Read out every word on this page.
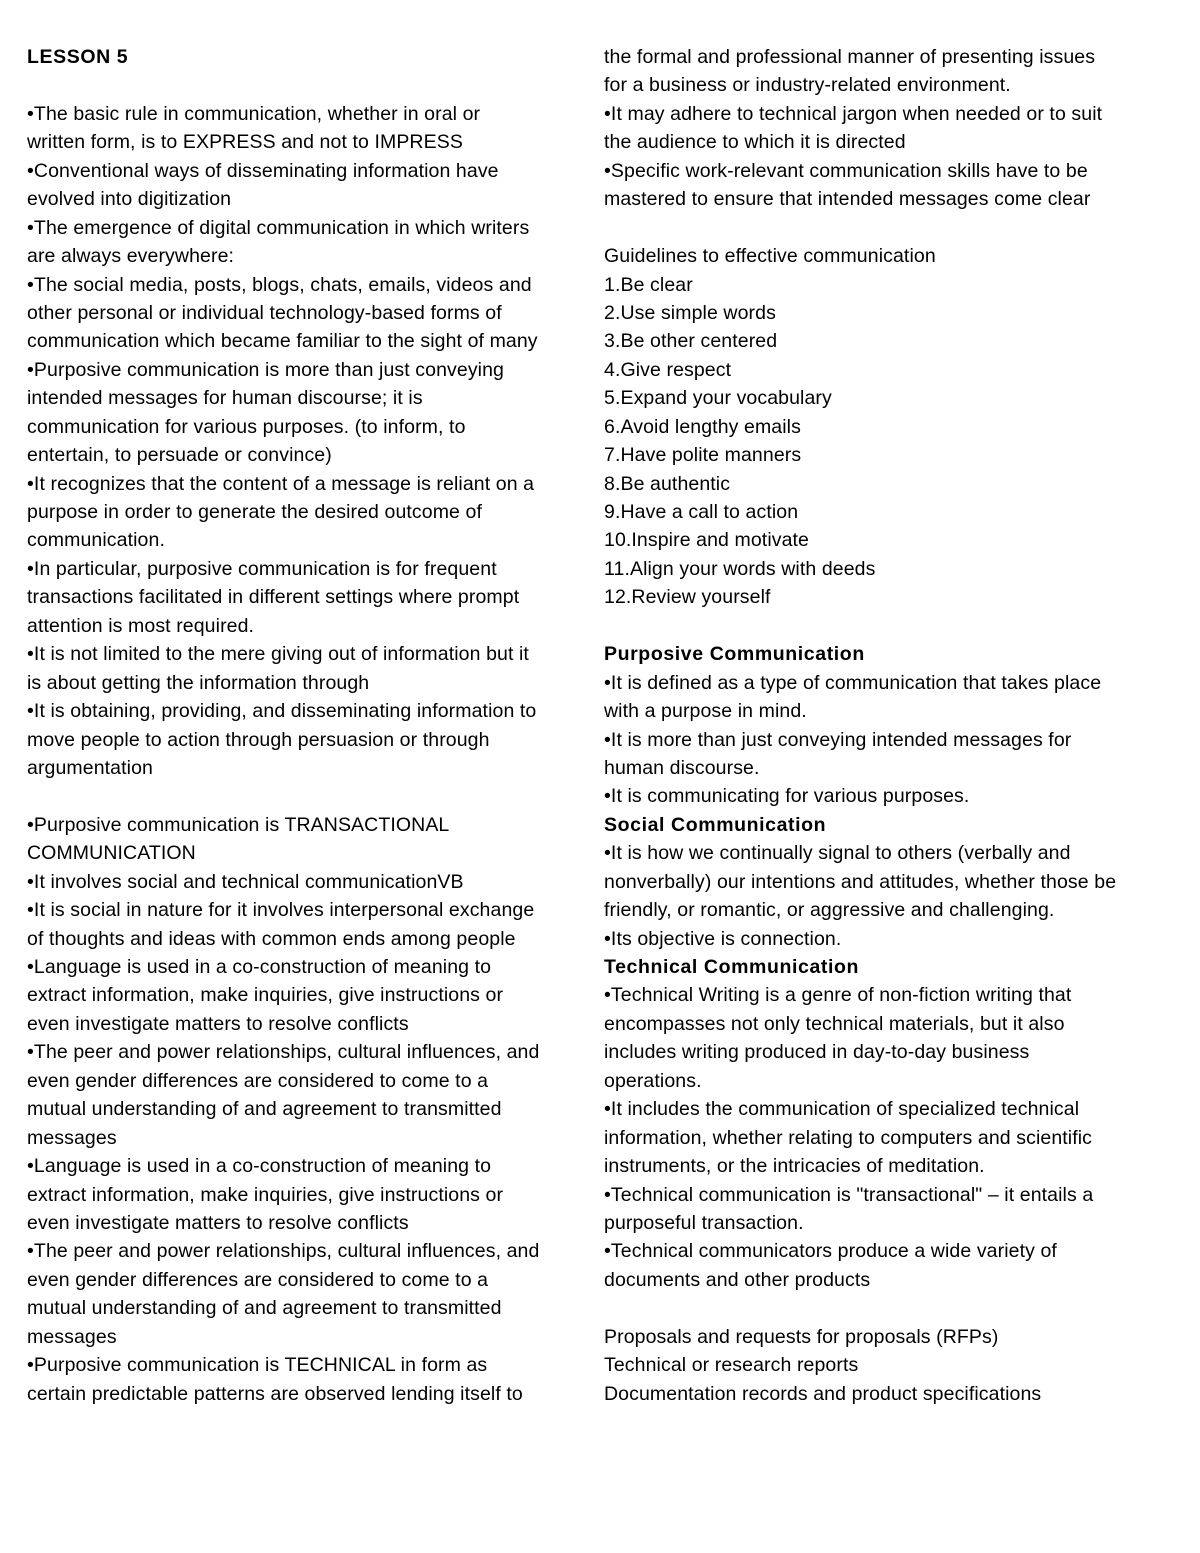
LESSON 5
•The basic rule in communication, whether in oral or
written form, is to EXPRESS and not to IMPRESS
•Conventional ways of disseminating information have
evolved into digitization
•The emergence of digital communication in which writers
are always everywhere:
•The social media, posts, blogs, chats, emails, videos and
other personal or individual technology-based forms of
communication which became familiar to the sight of many
•Purposive communication is more than just conveying
intended messages for human discourse; it is
communication for various purposes. (to inform, to
entertain, to persuade or convince)
•It recognizes that the content of a message is reliant on a
purpose in order to generate the desired outcome of
communication.
•In particular, purposive communication is for frequent
transactions facilitated in different settings where prompt
attention is most required.
•It is not limited to the mere giving out of information but it
is about getting the information through
•It is obtaining, providing, and disseminating information to
move people to action through persuasion or through
argumentation
•Purposive communication is TRANSACTIONAL
COMMUNICATION
•It involves social and technical communicationVB
•It is social in nature for it involves interpersonal exchange
of thoughts and ideas with common ends among people
•Language is used in a co-construction of meaning to
extract information, make inquiries, give instructions or
even investigate matters to resolve conflicts
•The peer and power relationships, cultural influences, and
even gender differences are considered to come to a
mutual understanding of and agreement to transmitted
messages
•Language is used in a co-construction of meaning to
extract information, make inquiries, give instructions or
even investigate matters to resolve conflicts
•The peer and power relationships, cultural influences, and
even gender differences are considered to come to a
mutual understanding of and agreement to transmitted
messages
•Purposive communication is TECHNICAL in form as
certain predictable patterns are observed lending itself to
the formal and professional manner of presenting issues
for a business or industry-related environment.
•It may adhere to technical jargon when needed or to suit
the audience to which it is directed
•Specific work-relevant communication skills have to be
mastered to ensure that intended messages come clear
Guidelines to effective communication
1.Be clear
2.Use simple words
3.Be other centered
4.Give respect
5.Expand your vocabulary
6.Avoid lengthy emails
7.Have polite manners
8.Be authentic
9.Have a call to action
10.Inspire and motivate
11.Align your words with deeds
12.Review yourself
Purposive Communication
•It is defined as a type of communication that takes place
with a purpose in mind.
•It is more than just conveying intended messages for
human discourse.
•It is communicating for various purposes.
Social Communication
•It is how we continually signal to others (verbally and
nonverbally) our intentions and attitudes, whether those be
friendly, or romantic, or aggressive and challenging.
•Its objective is connection.
Technical Communication
•Technical Writing is a genre of non-fiction writing that
encompasses not only technical materials, but it also
includes writing produced in day-to-day business
operations.
•It includes the communication of specialized technical
information, whether relating to computers and scientific
instruments, or the intricacies of meditation.
•Technical communication is "transactional" – it entails a
purposeful transaction.
•Technical communicators produce a wide variety of
documents and other products
Proposals and requests for proposals (RFPs)
Technical or research reports
Documentation records and product specifications
